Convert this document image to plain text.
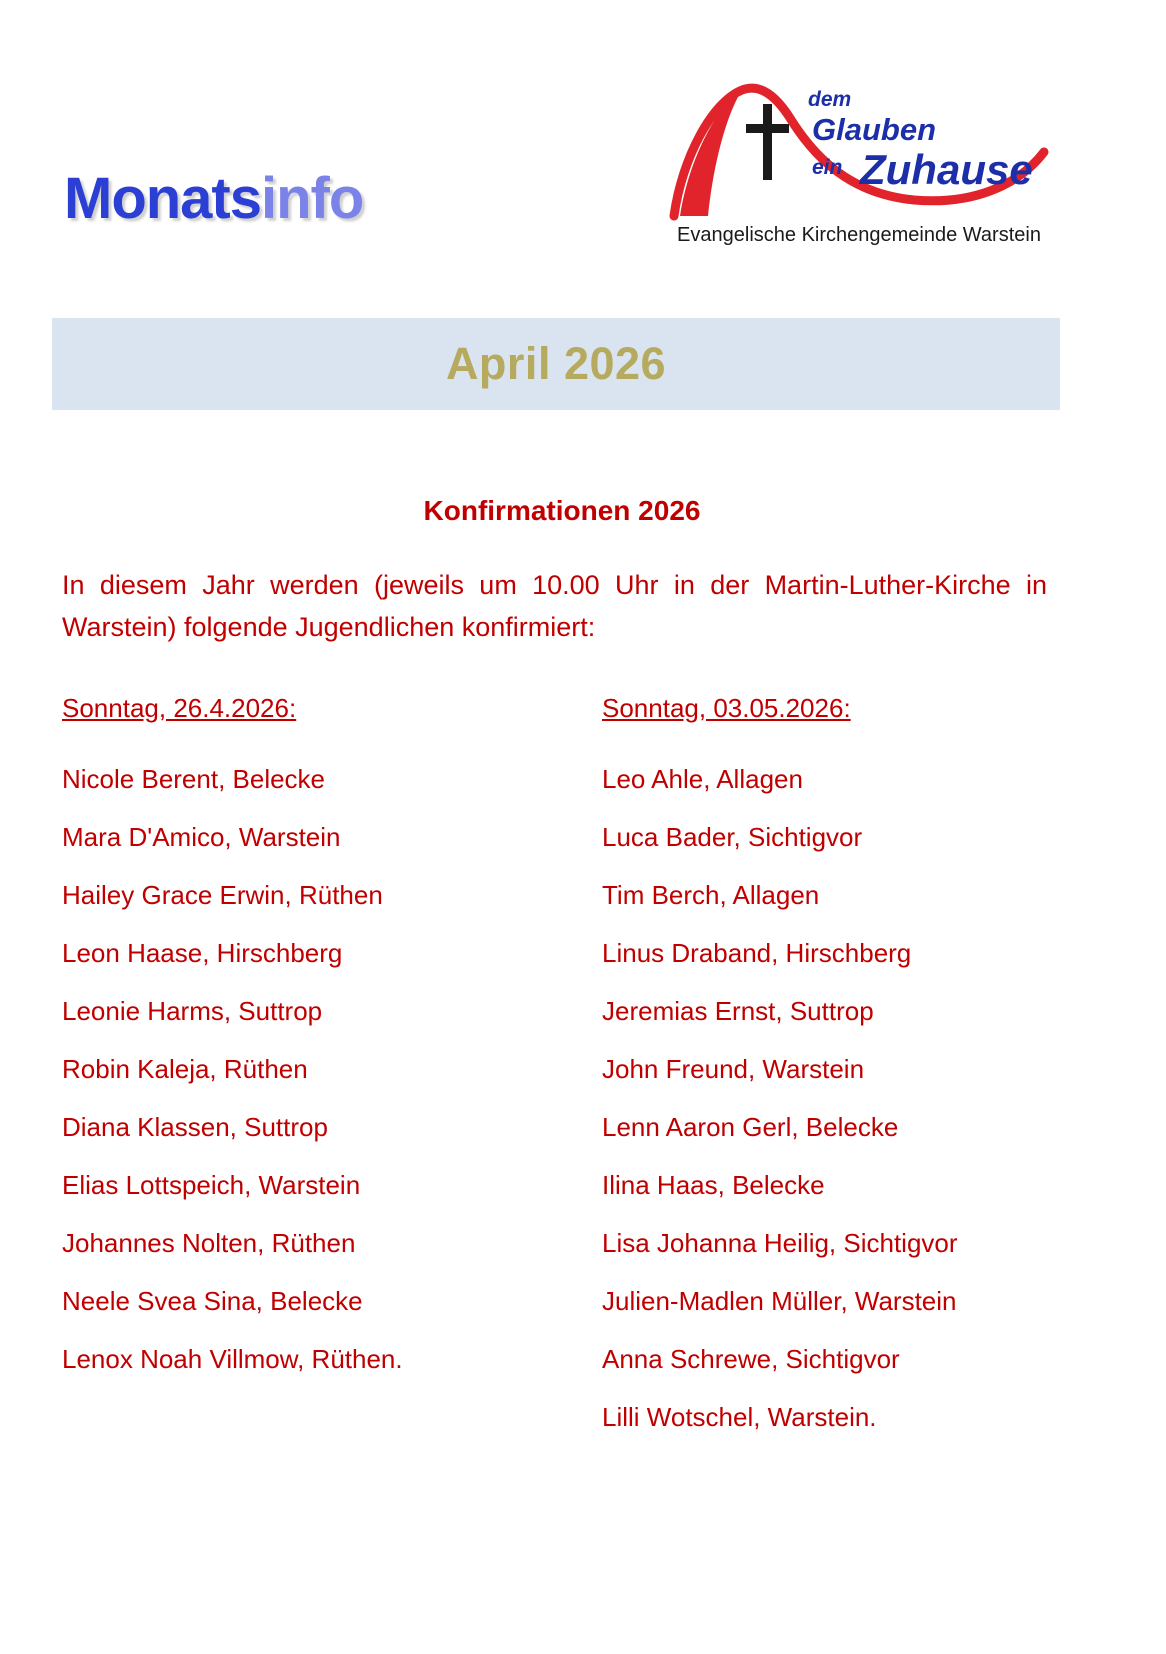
Monatsinfo
dem
Glauben
ein Zuhause
Evangelische Kirchengemeinde Warstein
April 2026
Konfirmationen 2026

In diesem Jahr werden (jeweils um 10.00 Uhr in der Martin-Luther-Kirche in Warstein) folgende Jugendlichen konfirmiert:

Sonntag, 26.4.2026:
Nicole Berent, Belecke
Mara D'Amico, Warstein
Hailey Grace Erwin, Rüthen
Leon Haase, Hirschberg
Leonie Harms, Suttrop
Robin Kaleja, Rüthen
Diana Klassen, Suttrop
Elias Lottspeich, Warstein
Johannes Nolten, Rüthen
Neele Svea Sina, Belecke
Lenox Noah Villmow, Rüthen.
Sonntag, 03.05.2026:
Leo Ahle, Allagen
Luca Bader, Sichtigvor
Tim Berch, Allagen
Linus Draband, Hirschberg
Jeremias Ernst, Suttrop
John Freund, Warstein
Lenn Aaron Gerl, Belecke
Ilina Haas, Belecke
Lisa Johanna Heilig, Sichtigvor
Julien-Madlen Müller, Warstein
Anna Schrewe, Sichtigvor
Lilli Wotschel, Warstein.
